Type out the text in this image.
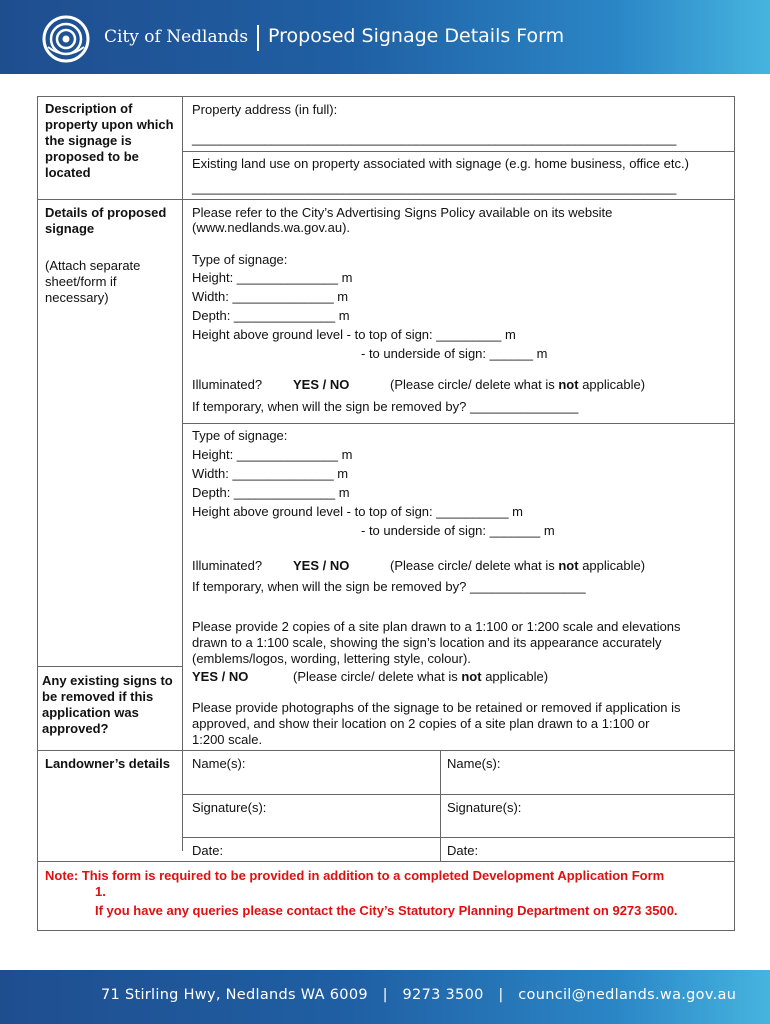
City of Nedlands Proposed Signage Details Form
Description of property upon which the signage is proposed to be located
Property address (in full):
___________________________________________________________________
Existing land use on property associated with signage (e.g. home business, office etc.)
___________________________________________________________________
Details of proposed signage
(Attach separate sheet/form if necessary)
Please refer to the City’s Advertising Signs Policy available on its website
(www.nedlands.wa.gov.au).
Type of signage:
Height: ______________ m
Width: ______________ m
Depth: ______________ m
Height above ground level - to top of sign: _________ m
- to underside of sign: ______ m
Illuminated? YES / NO	(Please circle/ delete what is not applicable)
If temporary, when will the sign be removed by? _______________
Type of signage:
Height: ______________ m
Width: ______________ m
Depth: ______________ m
Height above ground level - to top of sign: __________ m
- to underside of sign: _______ m
Illuminated? YES / NO	(Please circle/ delete what is not applicable)
If temporary, when will the sign be removed by? ________________
Please provide 2 copies of a site plan drawn to a 1:100 or 1:200 scale and elevations
drawn to a 1:100 scale, showing the sign’s location and its appearance accurately
(emblems/logos, wording, lettering style, colour).
Any existing signs to be removed if this application was approved?
YES / NO	(Please circle/ delete what is not applicable)
Please provide photographs of the signage to be retained or removed if application is
approved, and show their location on 2 copies of a site plan drawn to a 1:100 or
1:200 scale.
Landowner’s details	Name(s):	Name(s):
Signature(s):	Signature(s):
Date:	Date:
Note: This form is required to be provided in addition to a completed Development Application Form
1.
If you have any queries please contact the City’s Statutory Planning Department on 9273 3500.
71 Stirling Hwy, Nedlands WA 6009   |   9273 3500   |   council@nedlands.wa.gov.au
